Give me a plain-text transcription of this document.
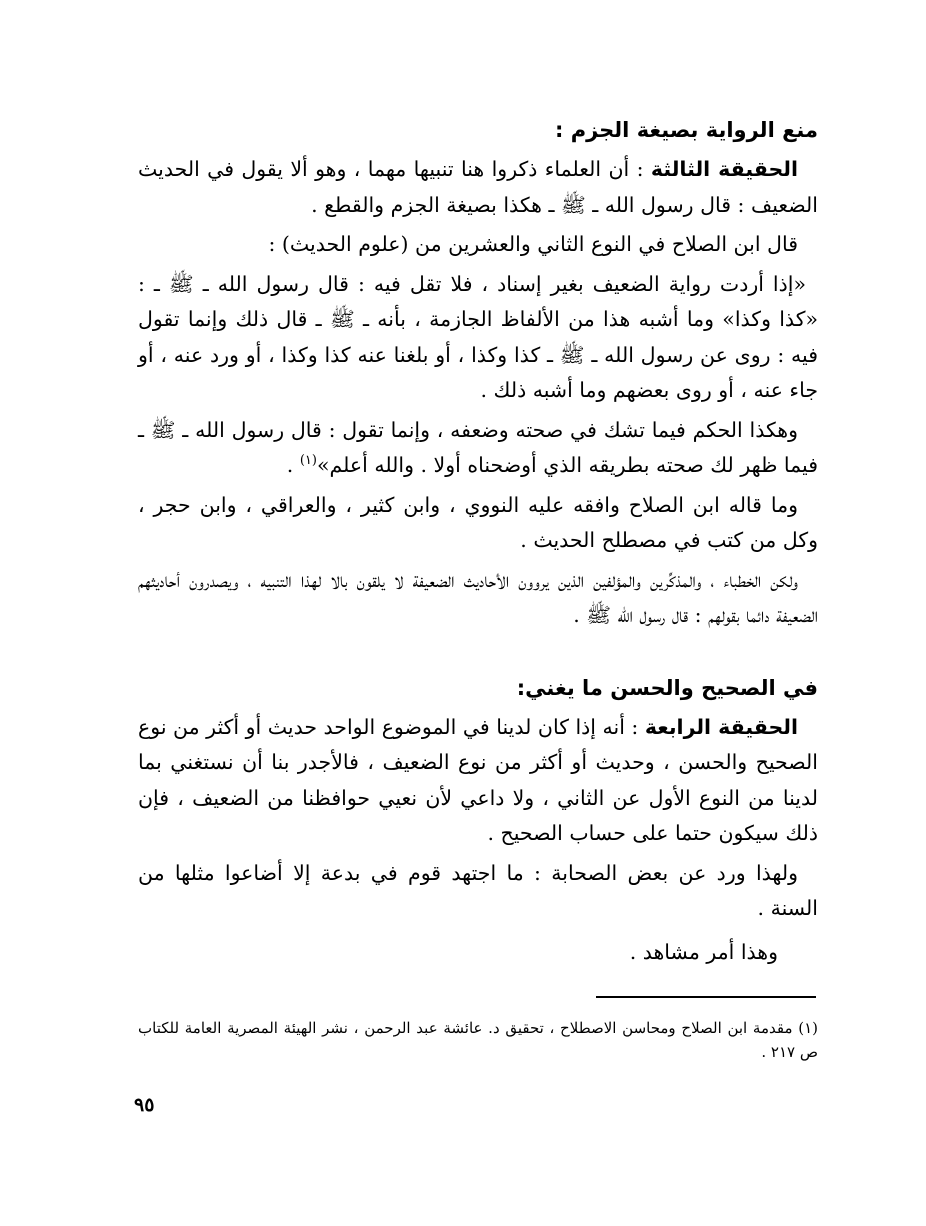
منع الرواية بصيغة الجزم :

الحقيقة الثالثة : أن العلماء ذكروا هنا تنبيها مهما ، وهو ألا يقول في الحديث الضعيف : قال رسول الله ـ ﷺ ـ هكذا بصيغة الجزم والقطع .

قال ابن الصلاح في النوع الثاني والعشرين من (علوم الحديث) :

«إذا أردت رواية الضعيف بغير إسناد ، فلا تقل فيه : قال رسول الله ـ ﷺ ـ : «كذا وكذا» وما أشبه هذا من الألفاظ الجازمة ، بأنه ـ ﷺ ـ قال ذلك وإنما تقول فيه : روى عن رسول الله ـ ﷺ ـ كذا وكذا ، أو بلغنا عنه كذا وكذا ، أو ورد عنه ، أو جاء عنه ، أو روى بعضهم وما أشبه ذلك .

وهكذا الحكم فيما تشك في صحته وضعفه ، وإنما تقول : قال رسول الله ـ ﷺ ـ فيما ظهر لك صحته بطريقه الذي أوضحناه أولا . والله أعلم»$^{(١)}$ .

وما قاله ابن الصلاح وافقه عليه النووي ، وابن كثير ، والعراقي ، وابن حجر ، وكل من كتب في مصطلح الحديث .

ولكن الخطباء ، والمذكِّرين والمؤلفين الذين يروون الأحاديث الضعيفة لا يلقون بالا لهذا التنبيه ، ويصدرون أحاديثهم الضعيفة دائما بقولهم : قال رسول الله ﷺ .

في الصحيح والحسن ما يغني:

الحقيقة الرابعة : أنه إذا كان لدينا في الموضوع الواحد حديث أو أكثر من نوع الصحيح والحسن ، وحديث أو أكثر من نوع الضعيف ، فالأجدر بنا أن نستغني بما لدينا من النوع الأول عن الثاني ، ولا داعي لأن نعيي حوافظنا من الضعيف ، فإن ذلك سيكون حتما على حساب الصحيح .

ولهذا ورد عن بعض الصحابة : ما اجتهد قوم في بدعة إلا أضاعوا مثلها من السنة .

وهذا أمر مشاهد .

(١) مقدمة ابن الصلاح ومحاسن الاصطلاح ، تحقيق د. عائشة عبد الرحمن ، نشر الهيئة المصرية العامة للكتاب ص ٢١٧ .

٩٥
